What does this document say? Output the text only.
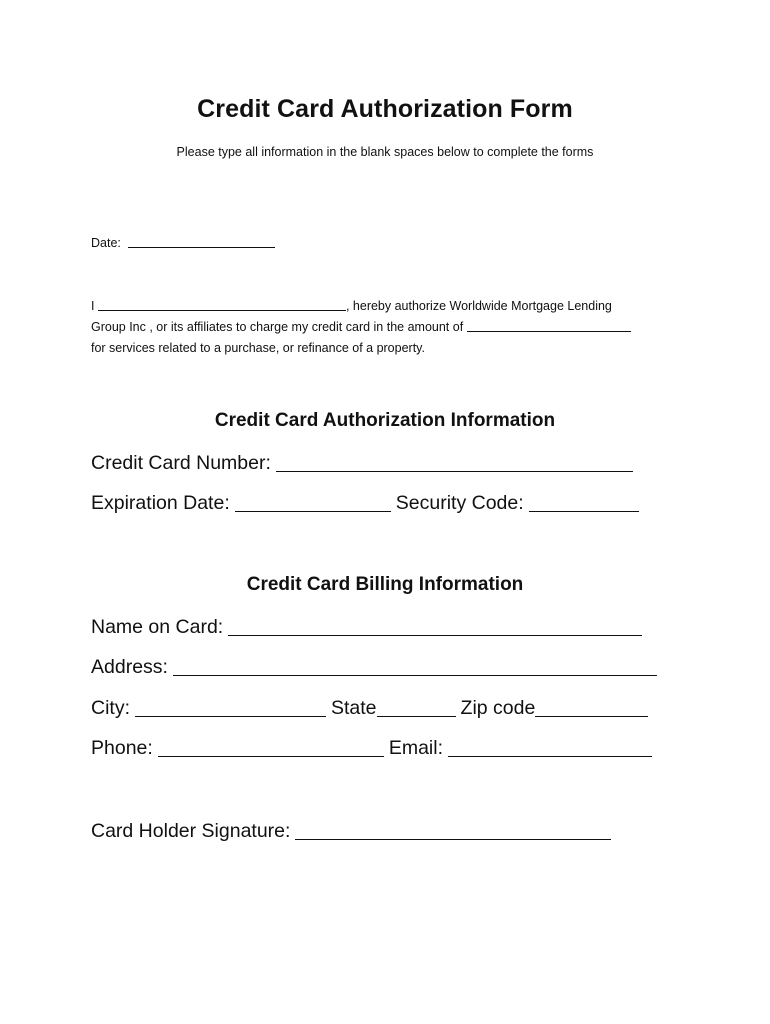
Credit Card Authorization Form
Please type all information in the blank spaces below to complete the forms
Date:
I	, hereby authorize Worldwide Mortgage Lending
Group Inc , or its affiliates to charge my credit card in the amount of
for services related to a purchase, or refinance of a property.
Credit Card Authorization Information
Credit Card Number:
Expiration Date:	Security Code:
Credit Card Billing Information
Name on Card:
Address:
City:	State	Zip code
Phone:	Email:
Card Holder Signature:
